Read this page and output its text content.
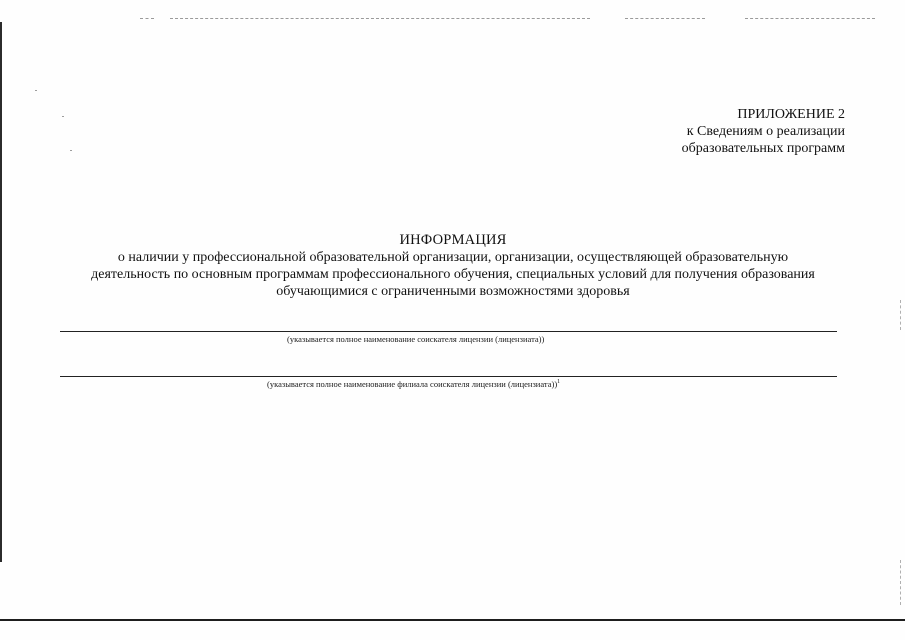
ПРИЛОЖЕНИЕ 2
к Сведениям о реализации
образовательных программ
ИНФОРМАЦИЯ
о наличии у профессиональной образовательной организации, организации, осуществляющей образовательную
деятельность по основным программам профессионального обучения, специальных условий для получения образования
обучающимися с ограниченными возможностями здоровья
(указывается полное наименование соискателя лицензии (лицензиата))
(указывается полное наименование филиала соискателя лицензии (лицензиата))$^1$
